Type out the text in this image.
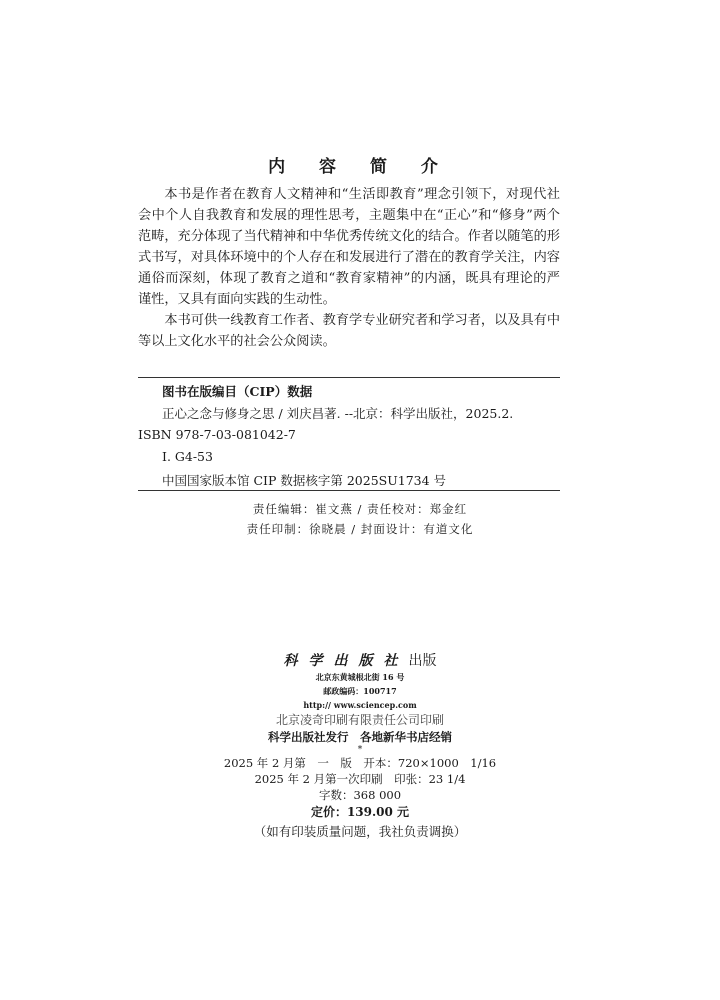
内 容 简 介

本书是作者在教育人文精神和“生活即教育”理念引领下，对现代社会中个人自我教育和发展的理性思考，主题集中在“正心”和“修身”两个范畴，充分体现了当代精神和中华优秀传统文化的结合。作者以随笔的形式书写，对具体环境中的个人存在和发展进行了潜在的教育学关注，内容通俗而深刻，体现了教育之道和“教育家精神”的内涵，既具有理论的严谨性，又具有面向实践的生动性。

本书可供一线教育工作者、教育学专业研究者和学习者，以及具有中等以上文化水平的社会公众阅读。

图书在版编目（CIP）数据
正心之念与修身之思 / 刘庆昌著. --北京：科学出版社，2025.2.
ISBN 978-7-03-081042-7
Ⅰ. G4-53
中国国家版本馆 CIP 数据核字第 2025SU1734 号
责任编辑：崔文燕 / 责任校对：郑金红
责任印制：徐晓晨 / 封面设计：有道文化
科学出版社出版
北京东黄城根北街 16 号
邮政编码：100717
http:// www.sciencep.com
北京凌奇印刷有限责任公司印刷
科学出版社发行　各地新华书店经销
*
2025 年 2 月第　一　版　开本：720×1000　1/16
2025 年 2 月第一次印刷　印张：23 1/4
字数：368 000
定价：139.00 元
（如有印装质量问题，我社负责调换）
